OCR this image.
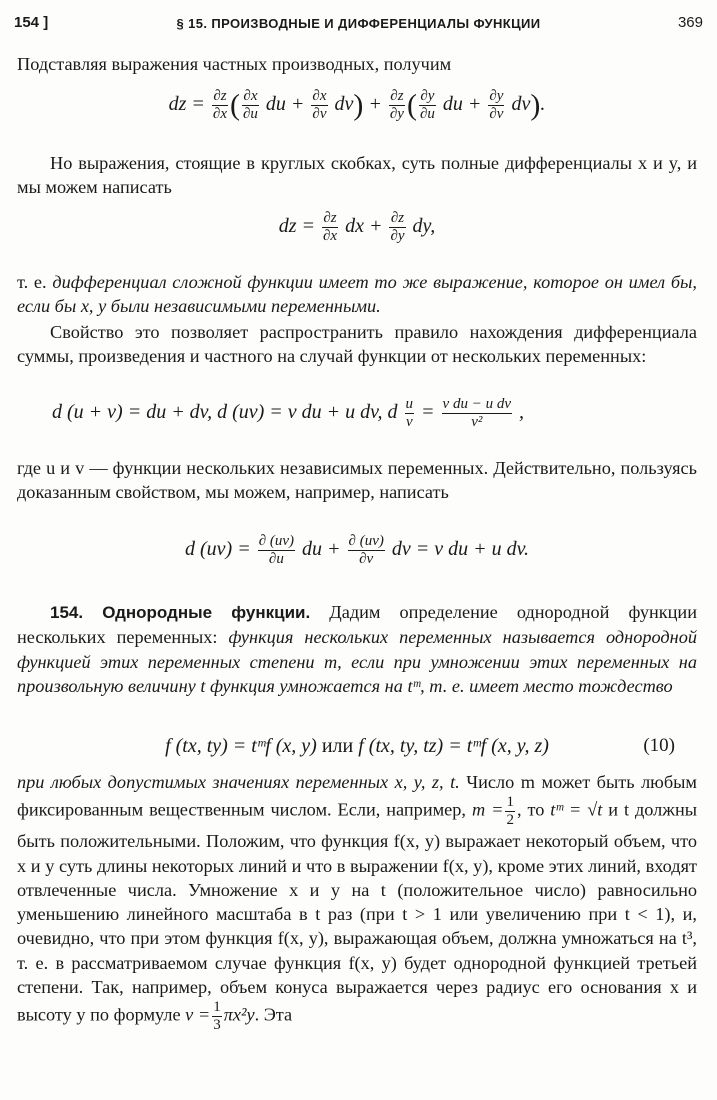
154 ]	§ 15. ПРОИЗВОДНЫЕ И ДИФФЕРЕНЦИАЛЫ ФУНКЦИИ	369

Подставляя выражения частных производных, получим

dz = $\frac{\partial z}{\partial x}$ ( $\frac{\partial x}{\partial u}$ du + $\frac{\partial x}{\partial v} dv) + \frac{\partial z}{\partial y}$ ( $\frac{\partial y}{\partial u}$ du + $\frac{\partial y}{\partial v} dv$).

Но выражения, стоящие в круглых скобках, суть полные дифференциалы x и y, и мы можем написать

dz = $\frac{\partial z}{\partial x}$ dx + $\frac{\partial z}{\partial y}$ dy,

т. е. дифференциал сложной функции имеет то же выражение, которое он имел бы, если бы x, y были независимыми переменными.

Свойство это позволяет распространить правило нахождения дифференциала суммы, произведения и частного на случай функции от нескольких переменных:

d (u + v) = du + dv, d (uv) = v du + u dv, d $\frac{u}{v} = \frac{\text{v du − u dv}}{\text{v²}}$ ,

где u и v — функции нескольких независимых переменных. Действительно, пользуясь доказанным свойством, мы можем, например, написать

d $(uv) = \frac{\partial (uv)}{\partial u}$ du + $\frac{\partial (uv)}{\partial v}$ dv = v du + u dv.

154. Однородные функции. Дадим определение однородной функции нескольких переменных: функция нескольких переменных называется однородной функцией этих переменных степени m, если при умножении этих переменных на произвольную величину t функция умножается на tᵐ, т. е. имеет место тождество

f (tx, ty) = tᵐf (x, y) или f (tx, ty, tz) = tᵐf (x, y, z)	(10)

при любых допустимых значениях переменных x, y, z, t. Число m может быть любым фиксированным вещественным числом. Если, например, $m = \frac{1}{2}$ , то tᵐ = √t и t должны быть положительными. Положим, что функция f(x, y) выражает некоторый объем, что x и y суть длины некоторых линий и что в выражении f(x, y), кроме этих линий, входят отвлеченные числа. Умножение x и y на t (положительное число) равносильно уменьшению линейного масштаба в t раз (при t > 1 или увеличению при t < 1), и, очевидно, что при этом функция f(x, y), выражающая объем, должна умножаться на t³, т. е. в рассматриваемом случае функция f(x, y) будет однородной функцией третьей степени. Так, например, объем конуса выражается через радиус его основания x и высоту y по формуле $v = \frac{1}{3} \pi x^2y$. Эта
